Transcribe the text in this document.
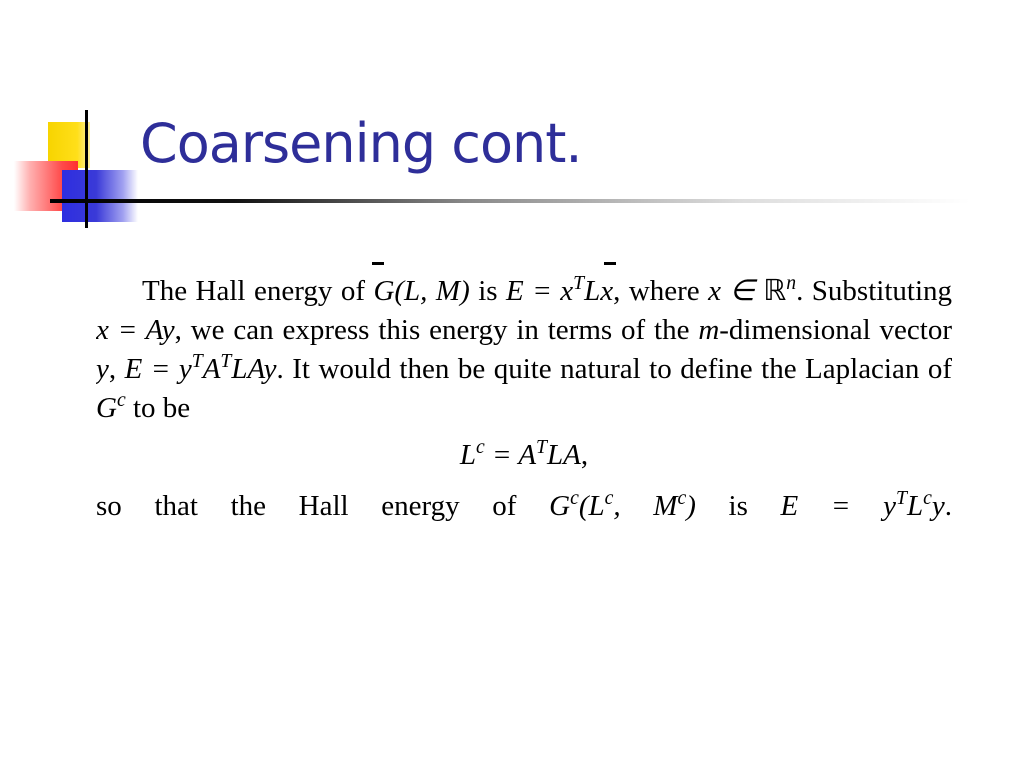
Coarsening cont.

The Hall energy of G(L, M) is $E = x^TLx$, where x ∈ ℝ$^n$. Substituting x = Ay, we can express this energy in terms of the m-dimensional vector y, $E = y^TA^TLAy$. It would then be quite natural to define the Laplacian of $G^c$ to be

$L^c = A^TLA$,

so that the Hall energy of $G^c(L^c$, $M^c$) is $E = y^TL^cy$.
